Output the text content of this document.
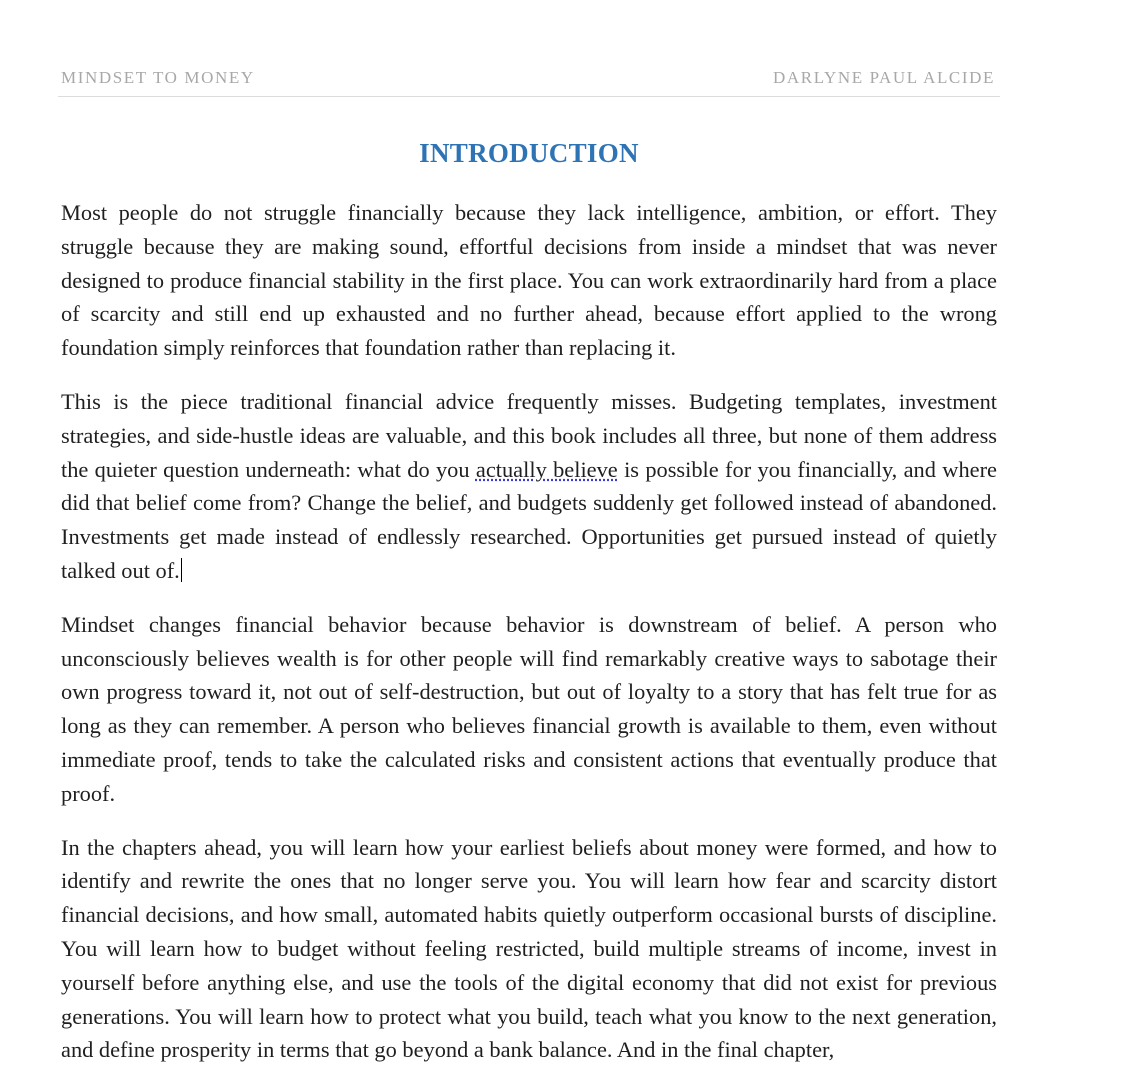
MINDSET TO MONEY	DARLYNE PAUL ALCIDE
INTRODUCTION

Most people do not struggle financially because they lack intelligence, ambition, or effort. They struggle because they are making sound, effortful decisions from inside a mindset that was never designed to produce financial stability in the first place. You can work extraordinarily hard from a place of scarcity and still end up exhausted and no further ahead, because effort applied to the wrong foundation simply reinforces that foundation rather than replacing it.

This is the piece traditional financial advice frequently misses. Budgeting templates, investment strategies, and side-hustle ideas are valuable, and this book includes all three, but none of them address the quieter question underneath: what do you actually believe is possible for you financially, and where did that belief come from? Change the belief, and budgets suddenly get followed instead of abandoned. Investments get made instead of endlessly researched. Opportunities get pursued instead of quietly talked out of.

Mindset changes financial behavior because behavior is downstream of belief. A person who unconsciously believes wealth is for other people will find remarkably creative ways to sabotage their own progress toward it, not out of self-destruction, but out of loyalty to a story that has felt true for as long as they can remember. A person who believes financial growth is available to them, even without immediate proof, tends to take the calculated risks and consistent actions that eventually produce that proof.

In the chapters ahead, you will learn how your earliest beliefs about money were formed, and how to identify and rewrite the ones that no longer serve you. You will learn how fear and scarcity distort financial decisions, and how small, automated habits quietly outperform occasional bursts of discipline. You will learn how to budget without feeling restricted, build multiple streams of income, invest in yourself before anything else, and use the tools of the digital economy that did not exist for previous generations. You will learn how to protect what you build, teach what you know to the next generation, and define prosperity in terms that go beyond a bank balance. And in the final chapter,
